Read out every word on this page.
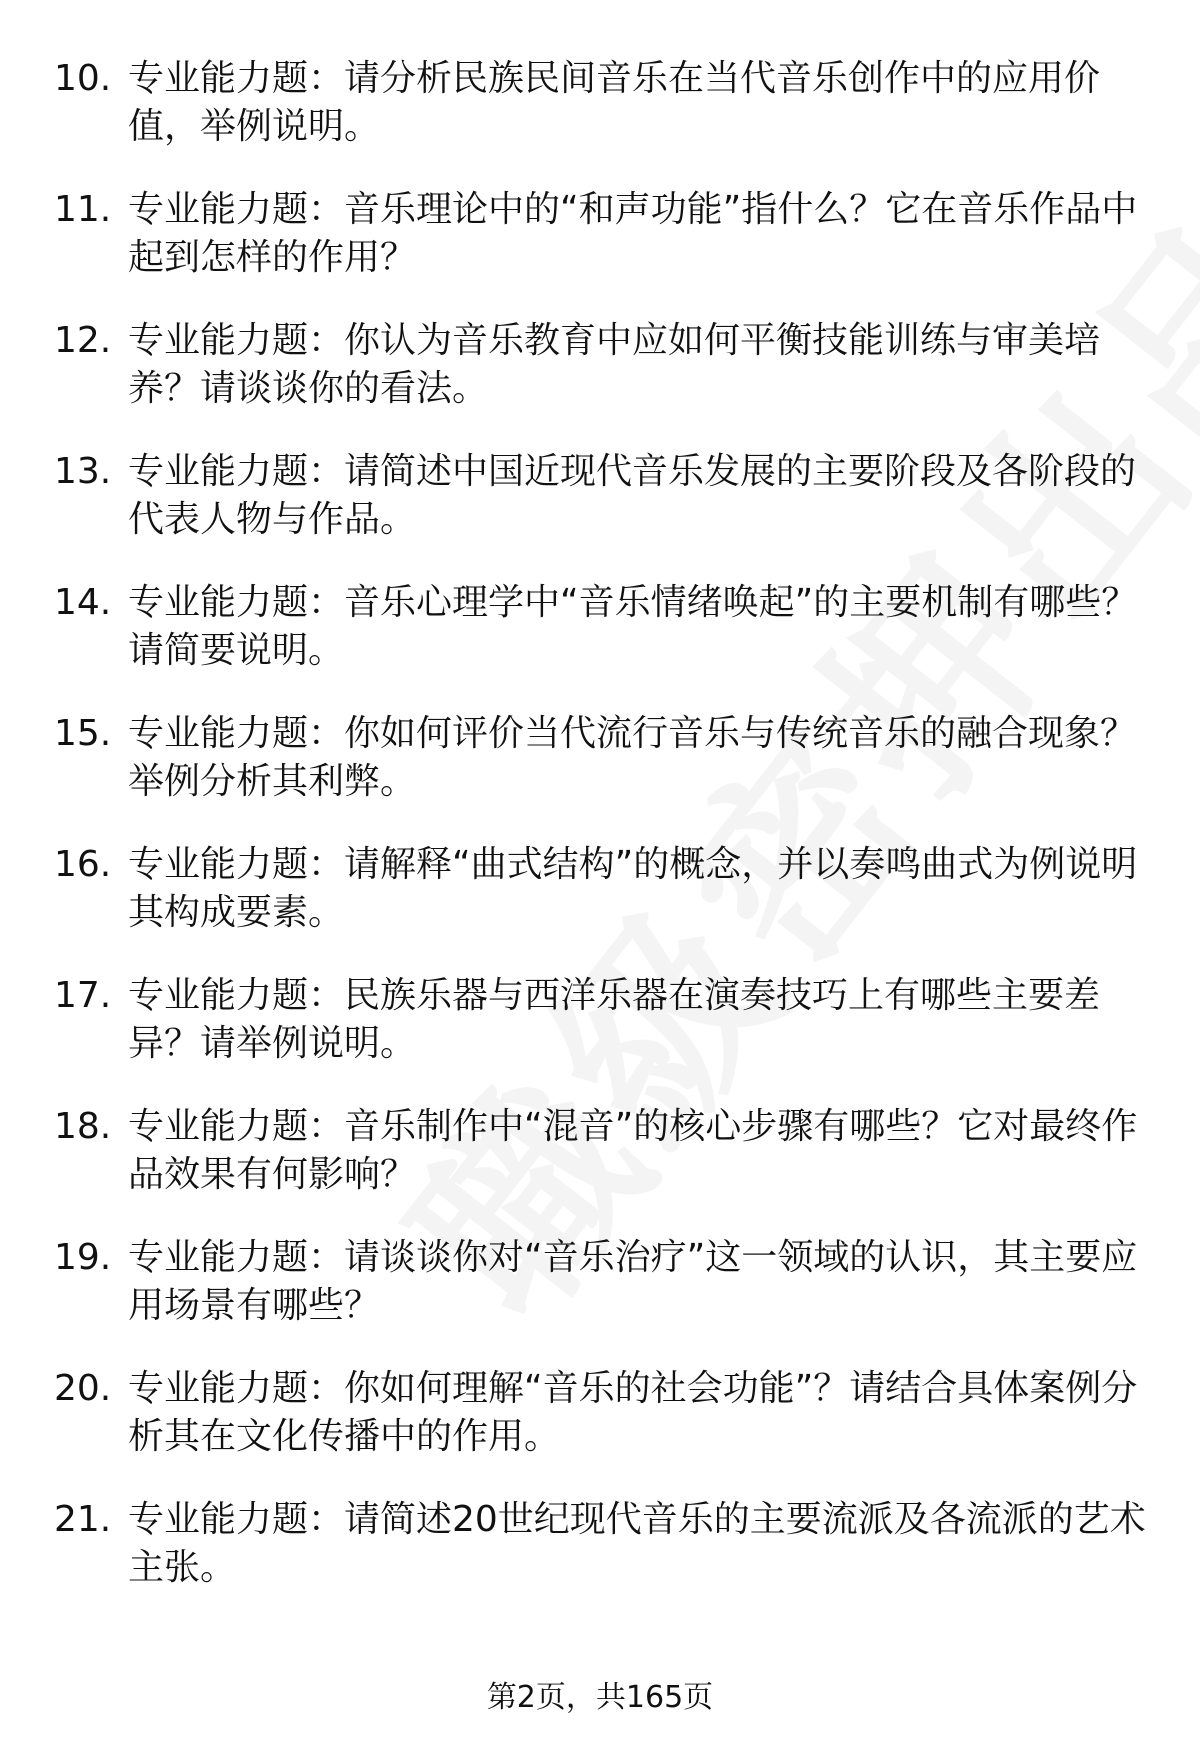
10. 专业能力题：请分析民族民间音乐在当代音乐创作中的应用价值，举例说明。
11. 专业能力题：音乐理论中的“和声功能”指什么？它在音乐作品中起到怎样的作用？
12. 专业能力题：你认为音乐教育中应如何平衡技能训练与审美培养？请谈谈你的看法。
13. 专业能力题：请简述中国近现代音乐发展的主要阶段及各阶段的代表人物与作品。
14. 专业能力题：音乐心理学中“音乐情绪唤起”的主要机制有哪些？请简要说明。
15. 专业能力题：你如何评价当代流行音乐与传统音乐的融合现象？举例分析其利弊。
16. 专业能力题：请解释“曲式结构”的概念，并以奏鸣曲式为例说明其构成要素。
17. 专业能力题：民族乐器与西洋乐器在演奏技巧上有哪些主要差异？请举例说明。
18. 专业能力题：音乐制作中“混音”的核心步骤有哪些？它对最终作品效果有何影响？
19. 专业能力题：请谈谈你对“音乐治疗”这一领域的认识，其主要应用场景有哪些？
20. 专业能力题：你如何理解“音乐的社会功能”？请结合具体案例分析其在文化传播中的作用。
21. 专业能力题：请简述20世纪现代音乐的主要流派及各流派的艺术主张。
第2页，共165页
